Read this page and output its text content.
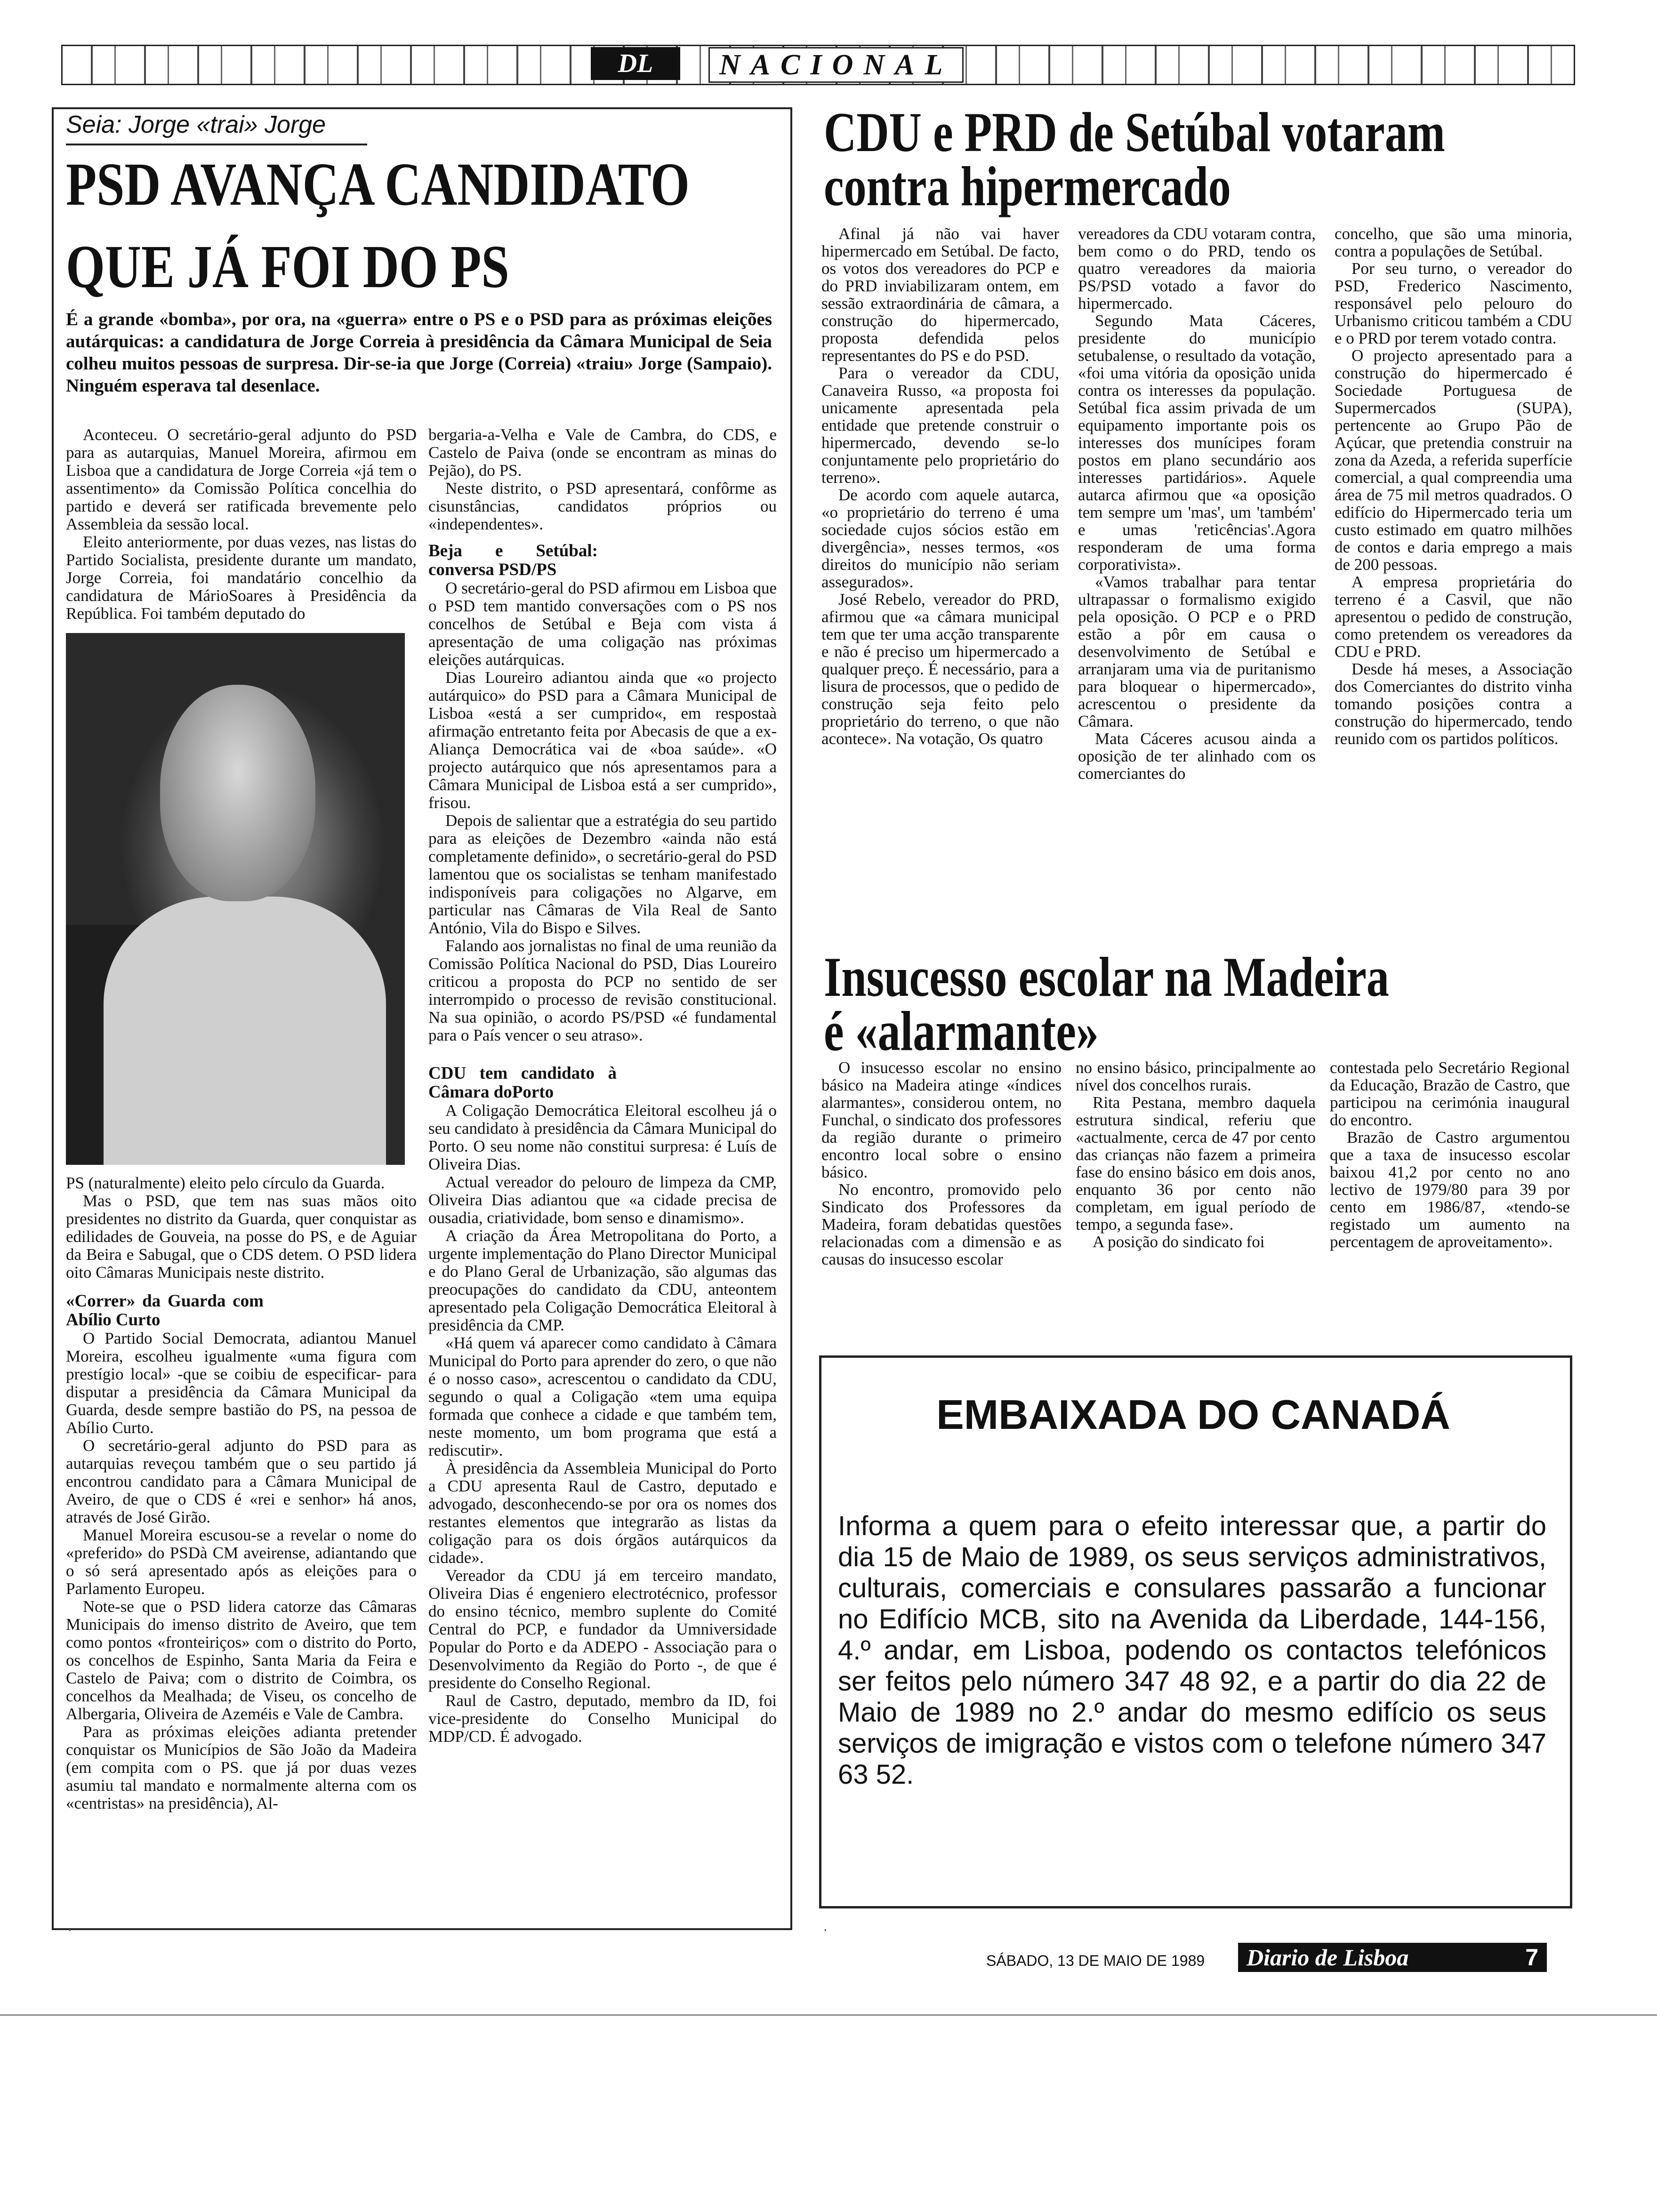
DL	NACIONAL
Seia: Jorge «trai» Jorge
PSD AVANÇA CANDIDATO
QUE JÁ FOI DO PS
É a grande «bomba», por ora, na «guerra» entre o PS e o PSD para as próximas eleições autárquicas: a candidatura de Jorge Correia à presidência da Câmara Municipal de Seia colheu muitos pessoas de surpresa. Dir-se-ia que Jorge (Correia) «traiu» Jorge (Sampaio). Ninguém esperava tal desenlace.

Aconteceu. O secretário-geral adjunto do PSD para as autarquias, Manuel Moreira, afirmou em Lisboa que a candidatura de Jorge Correia «já tem o assentimento» da Comissão Política concelhia do partido e deverá ser ratificada brevemente pelo Assembleia da sessão local.

Eleito anteriormente, por duas vezes, nas listas do Partido Socialista, presidente durante um mandato, Jorge Correia, foi mandatário concelhio da candidatura de MárioSoares à Presidência da República. Foi também deputado do

PS (naturalmente) eleito pelo círculo da Guarda.

Mas o PSD, que tem nas suas mãos oito presidentes no distrito da Guarda, quer conquistar as edilidades de Gouveia, na posse do PS, e de Aguiar da Beira e Sabugal, que o CDS detem. O PSD lidera oito Câmaras Municipais neste distrito.

«Correr» da Guarda com Abílio Curto

O Partido Social Democrata, adiantou Manuel Moreira, escolheu igualmente «uma figura com prestígio local» -que se coibiu de especificar- para disputar a presidência da Câmara Municipal da Guarda, desde sempre bastião do PS, na pessoa de Abílio Curto.

O secretário-geral adjunto do PSD para as autarquias reveçou também que o seu partido já encontrou candidato para a Câmara Municipal de Aveiro, de que o CDS é «rei e senhor» há anos, através de José Girão.

Manuel Moreira escusou-se a revelar o nome do «preferido» do PSDà CM aveirense, adiantando que o só será apresentado após as eleições para o Parlamento Europeu.

Note-se que o PSD lidera catorze das Câmaras Municipais do imenso distrito de Aveiro, que tem como pontos «fronteiriços» com o distrito do Porto, os concelhos de Espinho, Santa Maria da Feira e Castelo de Paiva; com o distrito de Coimbra, os concelhos da Mealhada; de Viseu, os concelho de Albergaria, Oliveira de Azeméis e Vale de Cambra.

Para as próximas eleições adianta pretender conquistar os Municípios de São João da Madeira (em compita com o PS. que já por duas vezes asumiu tal mandato e normalmente alterna com os «centristas» na presidência), Al-

bergaria-a-Velha e Vale de Cambra, do CDS, e Castelo de Paiva (onde se encontram as minas do Pejão), do PS.

Neste distrito, o PSD apresentará, confôrme as cisunstâncias, candidatos próprios ou «independentes».

Beja e Setúbal: conversa PSD/PS

O secretário-geral do PSD afirmou em Lisboa que o PSD tem mantido conversações com o PS nos concelhos de Setúbal e Beja com vista á apresentação de uma coligação nas próximas eleições autárquicas.

Dias Loureiro adiantou ainda que «o projecto autárquico» do PSD para a Câmara Municipal de Lisboa «está a ser cumprido«, em respostaà afirmação entretanto feita por Abecasis de que a ex-Aliança Democrática vai de «boa saúde». «O projecto autárquico que nós apresentamos para a Câmara Municipal de Lisboa está a ser cumprido», frisou.

Depois de salientar que a estratégia do seu partido para as eleições de Dezembro «ainda não está completamente definido», o secretário-geral do PSD lamentou que os socialistas se tenham manifestado indisponíveis para coligações no Algarve, em particular nas Câmaras de Vila Real de Santo António, Vila do Bispo e Silves.

Falando aos jornalistas no final de uma reunião da Comissão Política Nacional do PSD, Dias Loureiro criticou a proposta do PCP no sentido de ser interrompido o processo de revisão constitucional. Na sua opinião, o acordo PS/PSD «é fundamental para o País vencer o seu atraso».

CDU tem candidato à Câmara doPorto

A Coligação Democrática Eleitoral escolheu já o seu candidato à presidência da Câmara Municipal do Porto. O seu nome não constitui surpresa: é Luís de Oliveira Dias.

Actual vereador do pelouro de limpeza da CMP, Oliveira Dias adiantou que «a cidade precisa de ousadia, criatividade, bom senso e dinamismo».

A criação da Área Metropolitana do Porto, a urgente implementação do Plano Director Municipal e do Plano Geral de Urbanização, são algumas das preocupações do candidato da CDU, anteontem apresentado pela Coligação Democrática Eleitoral à presidência da CMP.

«Há quem vá aparecer como candidato à Câmara Municipal do Porto para aprender do zero, o que não é o nosso caso», acrescentou o candidato da CDU, segundo o qual a Coligação «tem uma equipa formada que conhece a cidade e que também tem, neste momento, um bom programa que está a rediscutir».

À presidência da Assembleia Municipal do Porto a CDU apresenta Raul de Castro, deputado e advogado, desconhecendo-se por ora os nomes dos restantes elementos que integrarão as listas da coligação para os dois órgãos autárquicos da cidade».

Vereador da CDU já em terceiro mandato, Oliveira Dias é engeniero electrotécnico, professor do ensino técnico, membro suplente do Comité Central do PCP, e fundador da Umniversidade Popular do Porto e da ADEPO - Associação para o Desenvolvimento da Região do Porto -, de que é presidente do Conselho Regional.

Raul de Castro, deputado, membro da ID, foi vice-presidente do Conselho Municipal do MDP/CD. É advogado.

CDU e PRD de Setúbal votaram
contra hipermercado

Afinal já não vai haver hipermercado em Setúbal. De facto, os votos dos vereadores do PCP e do PRD inviabilizaram ontem, em sessão extraordinária de câmara, a construção do hipermercado, proposta defendida pelos representantes do PS e do PSD.

Para o vereador da CDU, Canaveira Russo, «a proposta foi unicamente apresentada pela entidade que pretende construir o hipermercado, devendo se-lo conjuntamente pelo proprietário do terreno».

De acordo com aquele autarca, «o proprietário do terreno é uma sociedade cujos sócios estão em divergência», nesses termos, «os direitos do município não seriam assegurados».

José Rebelo, vereador do PRD, afirmou que «a câmara municipal tem que ter uma acção transparente e não é preciso um hipermercado a qualquer preço. É necessário, para a lisura de processos, que o pedido de construção seja feito pelo proprietário do terreno, o que não acontece». Na votação, Os quatro

vereadores da CDU votaram contra, bem como o do PRD, tendo os quatro vereadores da maioria PS/PSD votado a favor do hipermercado.

Segundo Mata Cáceres, presidente do município setubalense, o resultado da votação, «foi uma vitória da oposição unida contra os interesses da população. Setúbal fica assim privada de um equipamento importante pois os interesses dos munícipes foram postos em plano secundário aos interesses partidários». Aquele autarca afirmou que «a oposição tem sempre um 'mas', um 'também' e umas 'reticências'.Agora responderam de uma forma corporativista».

«Vamos trabalhar para tentar ultrapassar o formalismo exigido pela oposição. O PCP e o PRD estão a pôr em causa o desenvolvimento de Setúbal e arranjaram uma via de puritanismo para bloquear o hipermercado», acrescentou o presidente da Câmara.

Mata Cáceres acusou ainda a oposição de ter alinhado com os comerciantes do

concelho, que são uma minoria, contra a populações de Setúbal.

Por seu turno, o vereador do PSD, Frederico Nascimento, responsável pelo pelouro do Urbanismo criticou também a CDU e o PRD por terem votado contra.

O projecto apresentado para a construção do hipermercado é Sociedade Portuguesa de Supermercados (SUPA), pertencente ao Grupo Pão de Açúcar, que pretendia construir na zona da Azeda, a referida superfície comercial, a qual compreendia uma área de 75 mil metros quadrados. O edifício do Hipermercado teria um custo estimado em quatro milhões de contos e daria emprego a mais de 200 pessoas.

A empresa proprietária do terreno é a Casvil, que não apresentou o pedido de construção, como pretendem os vereadores da CDU e PRD.

Desde há meses, a Associação dos Comerciantes do distrito vinha tomando posições contra a construção do hipermercado, tendo reunido com os partidos políticos.

Insucesso escolar na Madeira
é «alarmante»

O insucesso escolar no ensino básico na Madeira atinge «índices alarmantes», considerou ontem, no Funchal, o sindicato dos professores da região durante o primeiro encontro local sobre o ensino básico.

No encontro, promovido pelo Sindicato dos Professores da Madeira, foram debatidas questões relacionadas com a dimensão e as causas do insucesso escolar

no ensino básico, principalmente ao nível dos concelhos rurais.

Rita Pestana, membro daquela estrutura sindical, referiu que «actualmente, cerca de 47 por cento das crianças não fazem a primeira fase do ensino básico em dois anos, enquanto 36 por cento não completam, em igual período de tempo, a segunda fase».

A posição do sindicato foi

contestada pelo Secretário Regional da Educação, Brazão de Castro, que participou na cerimónia inaugural do encontro.

Brazão de Castro argumentou que a taxa de insucesso escolar baixou 41,2 por cento no ano lectivo de 1979/80 para 39 por cento em 1986/87, «tendo-se registado um aumento na percentagem de aproveitamento».

EMBAIXADA DO CANADÁ
Informa a quem para o efeito interessar que, a partir do dia 15 de Maio de 1989, os seus serviços administrativos, culturais, comerciais e consulares passarão a funcionar no Edifício MCB, sito na Avenida da Liberdade, 144-156, 4.º andar, em Lisboa, podendo os contactos telefónicos ser feitos pelo número 347 48 92, e a partir do dia 22 de Maio de 1989 no 2.º andar do mesmo edifício os seus serviços de imigração e vistos com o telefone número 347 63 52.
.	.
SÁBADO, 13 DE MAIO DE 1989	Diario de Lisboa	7
